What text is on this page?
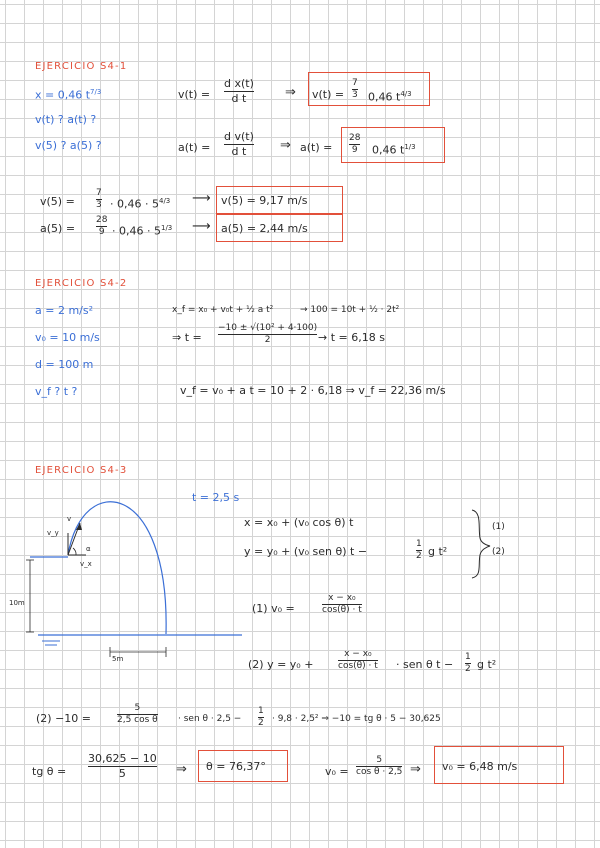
EJERCICIO S4-1
x = 0,46 $t^{7/3}$
v(t) ? a(t) ?
v(5) ? a(5) ?
v(t) =
d x(t)
d t	⇒ v(t) =
7
3 0,46 $t^{4/3}$
a(t) =
d v(t)
d t	⇒ a(t) =
28
9 0,46 $t^{1/3}$
v(5) =
7
$3 \cdot 0,46 \cdot 5^{4/3}$ ⟶ v(5) = 9,17 m/s
a(5) =
28
$9 \cdot 0,46 \cdot 5^{1/3}$ ⟶ a(5) = 2,44 m/s
EJERCICIO S4-2
a = 2 m/s²
v₀ = 10 m/s
d = 100 m
v_f ? t ?
x_f = x₀ + v₀t + ½ a t²	→ 100 = 10t + ½ · 2t²
⇒ t =
−10 ± √(10² + 4·100)
2	→ t = 6,18 s
v_f = v₀ + a t = 10 + 2 · 6,18 ⇒ v_f = 22,36 m/s
EJERCICIO S4-3
t = 2,5 s
v_y
v
α
v_x
10m
5m
x = x₀ + (v₀ cos θ) t
y = y₀ + (v₀ sen θ) t −
1
2 g t²
(1)
(2)
(1) v₀ =
x − x₀
cos(θ) · t
(2) y = y₀ +
x − x₀
cos(θ) · t · sen θ t −
1
2 g t²
(2) −10 =
5
2,5 cos θ · sen θ · 2,5 −
1
2 · 9,8 · 2,5² ⇒ −10 = tg θ · 5 − 30,625
tg θ =
30,625 − 10
5	⇒ θ = 76,37°	v₀ =
5
cos θ · 2,5 ⇒ v₀ = 6,48 m/s
